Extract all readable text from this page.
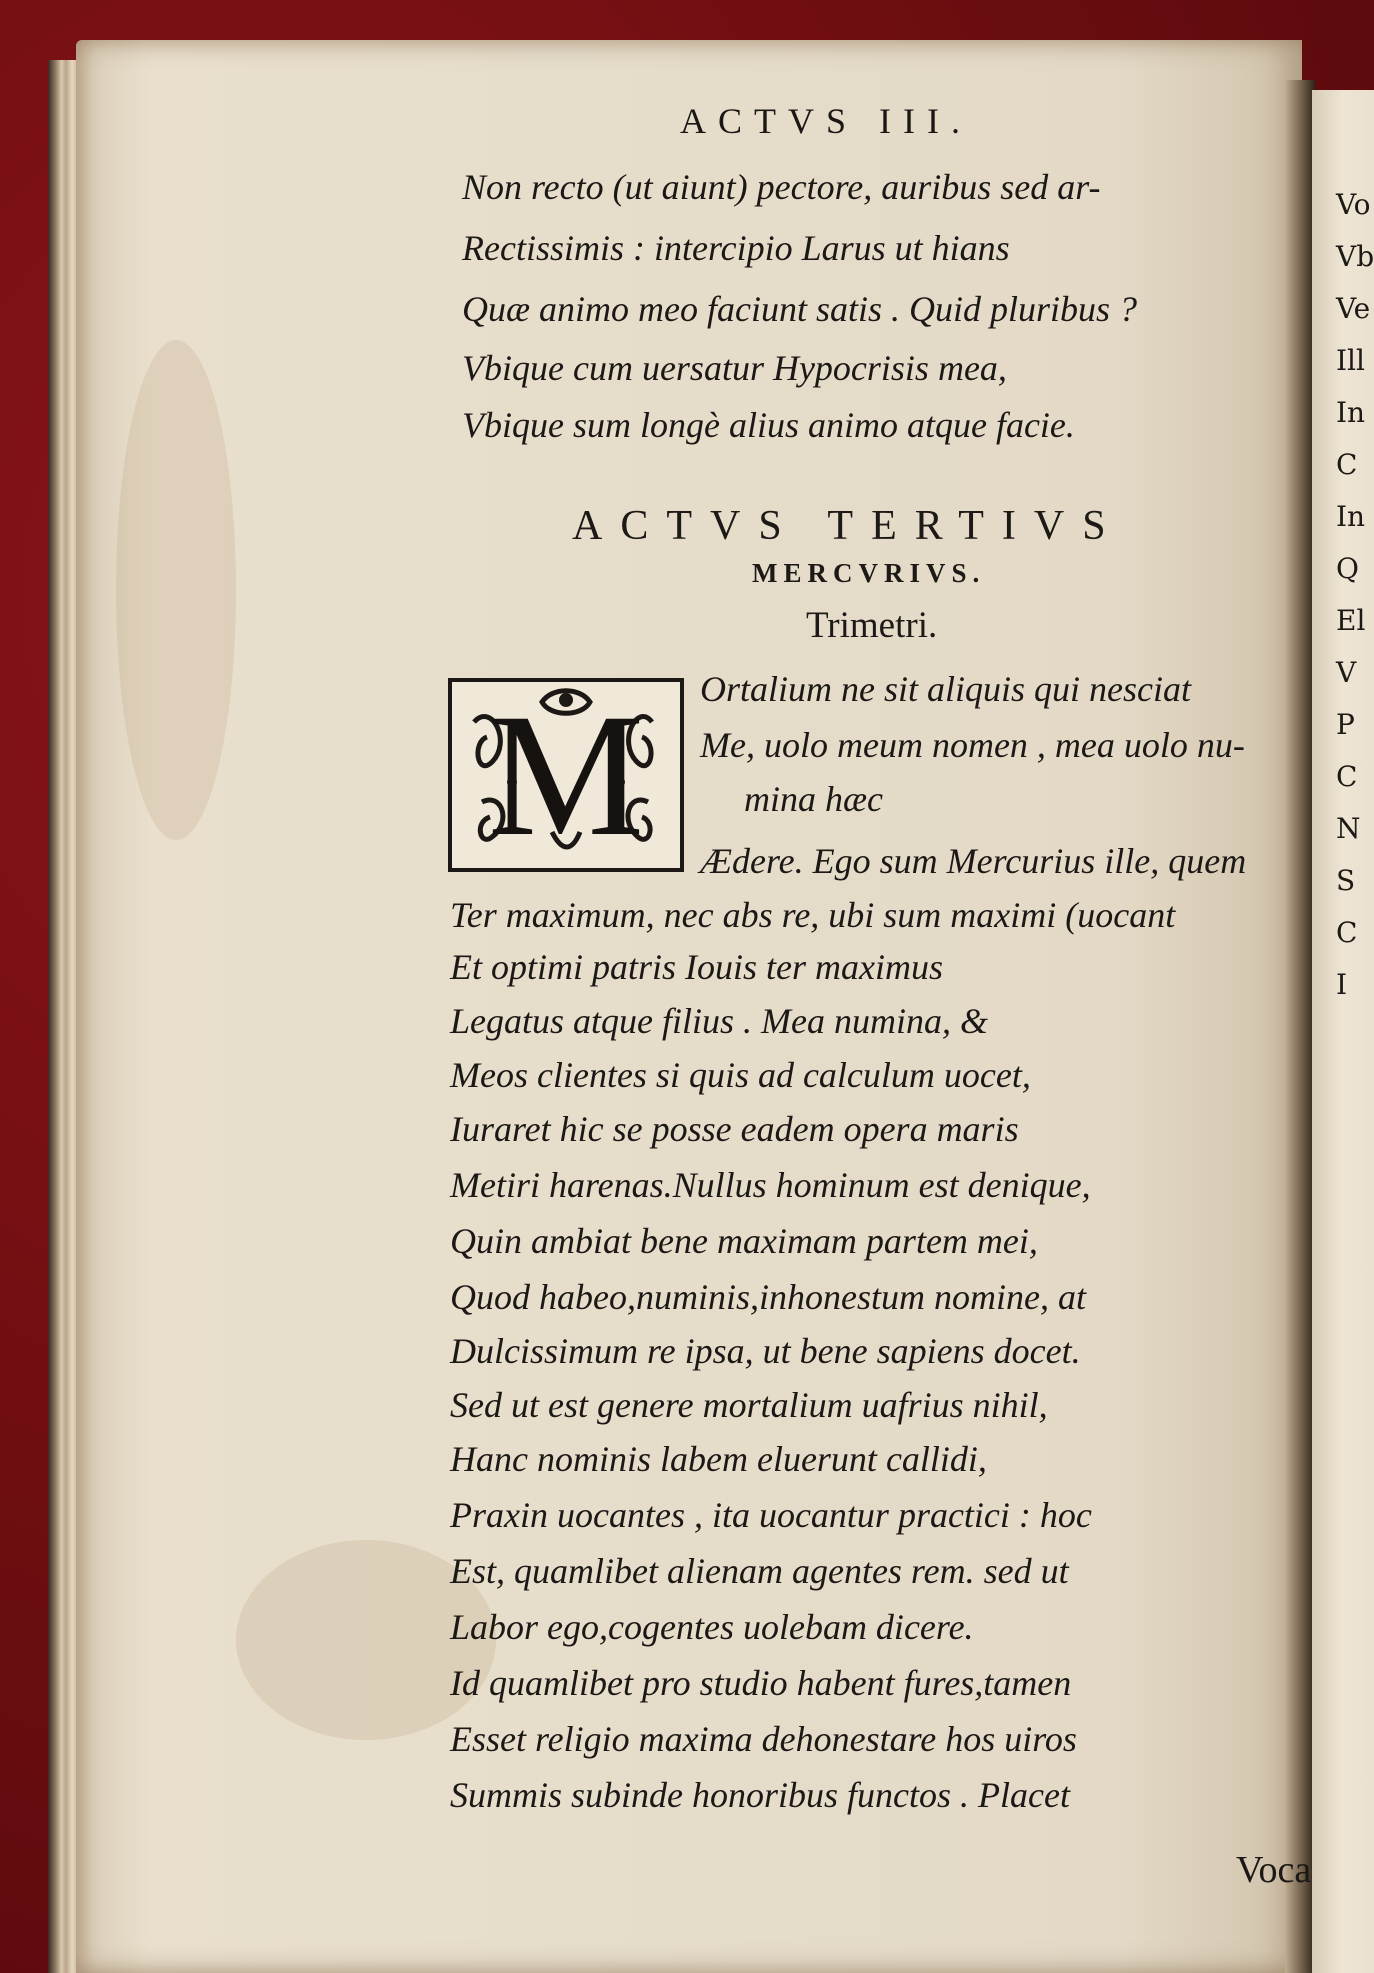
Vo
Vb
Ve
Ill
In
C
In
Q
El
V
P
C
N
S
C
I
ACTVS III.
Non recto (ut aiunt) pectore, auribus sed ar-
Rectissimis : intercipio Larus ut hians
Quæ animo meo faciunt satis . Quid pluribus ?
Vbique cum uersatur Hypocrisis mea,
Vbique sum longè alius animo atque facie.
ACTVS TERTIVS
MERCVRIVS.
Trimetri.
M	Ortalium ne sit aliquis qui nesciat
Me, uolo meum nomen , mea uolo nu-
mina hæc
Ædere. Ego sum Mercurius ille, quem
Ter maximum, nec abs re, ubi sum maximi (uocant
Et optimi patris Iouis ter maximus
Legatus atque filius . Mea numina, &
Meos clientes si quis ad calculum uocet,
Iuraret hic se posse eadem opera maris
Metiri harenas.Nullus hominum est denique,
Quin ambiat bene maximam partem mei,
Quod habeo,numinis,inhonestum nomine, at
Dulcissimum re ipsa, ut bene sapiens docet.
Sed ut est genere mortalium uafrius nihil,
Hanc nominis labem eluerunt callidi,
Praxin uocantes , ita uocantur practici : hoc
Est, quamlibet alienam agentes rem. sed ut
Labor ego,cogentes uolebam dicere.
Id quamlibet pro studio habent fures,tamen
Esset religio maxima dehonestare hos uiros
Summis subinde honoribus functos . Placet
Voca
